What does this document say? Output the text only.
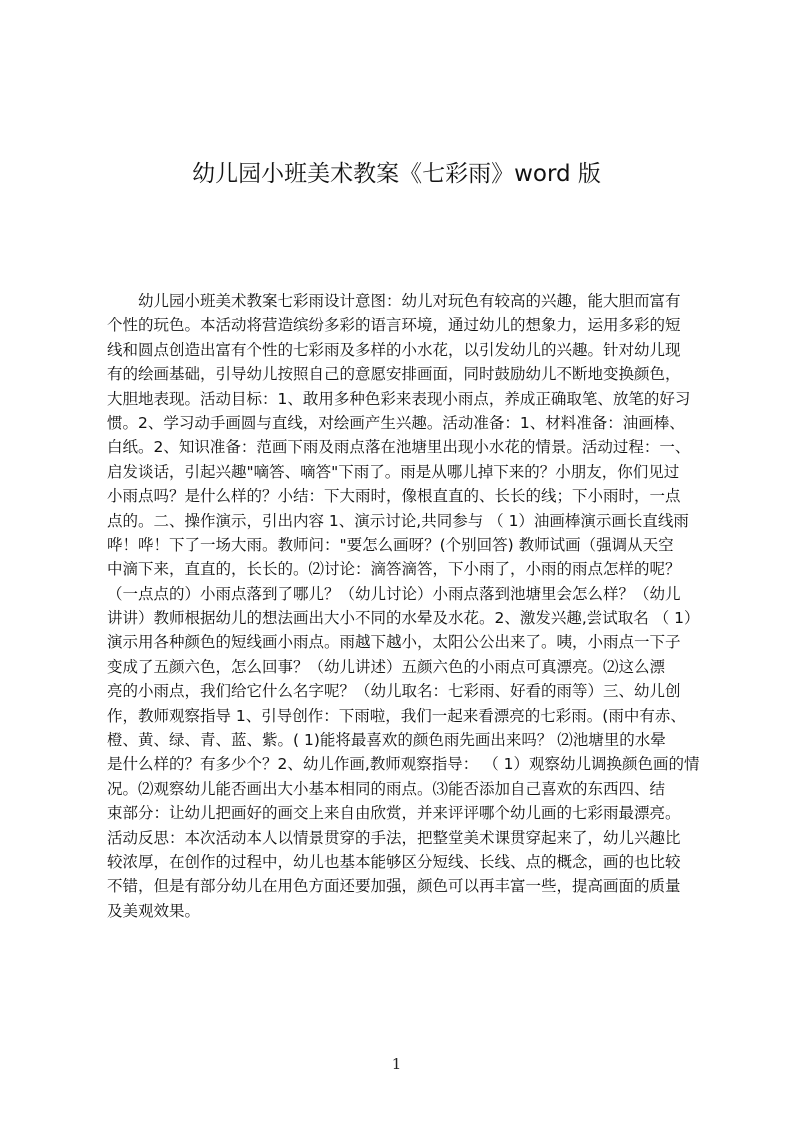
幼儿园小班美术教案《七彩雨》word 版
　　幼儿园小班美术教案七彩雨设计意图：幼儿对玩色有较高的兴趣，能大胆而富有
个性的玩色。本活动将营造缤纷多彩的语言环境，通过幼儿的想象力，运用多彩的短
线和圆点创造出富有个性的七彩雨及多样的小水花，以引发幼儿的兴趣。针对幼儿现
有的绘画基础，引导幼儿按照自己的意愿安排画面，同时鼓励幼儿不断地变换颜色，
大胆地表现。活动目标：1、敢用多种色彩来表现小雨点，养成正确取笔、放笔的好习
惯。2、学习动手画圆与直线，对绘画产生兴趣。活动准备：1、材料准备：油画棒、
白纸。2、知识准备：范画下雨及雨点落在池塘里出现小水花的情景。活动过程：一、
启发谈话，引起兴趣"嘀答、嘀答"下雨了。雨是从哪儿掉下来的？小朋友，你们见过
小雨点吗？是什么样的？小结：下大雨时，像根直直的、长长的线；下小雨时，一点
点的。二、操作演示，引出内容 1、演示讨论,共同参与 （ 1）油画棒演示画长直线雨
哗！哗！下了一场大雨。教师问："要怎么画呀？(个别回答) 教师试画（强调从天空
中滴下来，直直的，长长的。⑵讨论：滴答滴答，下小雨了，小雨的雨点怎样的呢？
（一点点的）小雨点落到了哪儿？（幼儿讨论）小雨点落到池塘里会怎么样？（幼儿
讲讲）教师根据幼儿的想法画出大小不同的水晕及水花。2、激发兴趣,尝试取名 （ 1）
演示用各种颜色的短线画小雨点。雨越下越小，太阳公公出来了。咦，小雨点一下子
变成了五颜六色，怎么回事？（幼儿讲述）五颜六色的小雨点可真漂亮。⑵这么漂
亮的小雨点，我们给它什么名字呢？（幼儿取名：七彩雨、好看的雨等）三、幼儿创
作，教师观察指导 1、引导创作：下雨啦，我们一起来看漂亮的七彩雨。(雨中有赤、
橙、黄、绿、青、蓝、紫。( 1)能将最喜欢的颜色雨先画出来吗？ ⑵池塘里的水晕
是什么样的？有多少个？2、幼儿作画,教师观察指导： （ 1）观察幼儿调换颜色画的情
况。⑵观察幼儿能否画出大小基本相同的雨点。⑶能否添加自己喜欢的东西四、结
束部分：让幼儿把画好的画交上来自由欣赏，并来评评哪个幼儿画的七彩雨最漂亮。
活动反思：本次活动本人以情景贯穿的手法，把整堂美术课贯穿起来了，幼儿兴趣比
较浓厚，在创作的过程中，幼儿也基本能够区分短线、长线、点的概念，画的也比较
不错，但是有部分幼儿在用色方面还要加强，颜色可以再丰富一些，提高画面的质量
及美观效果。
1
